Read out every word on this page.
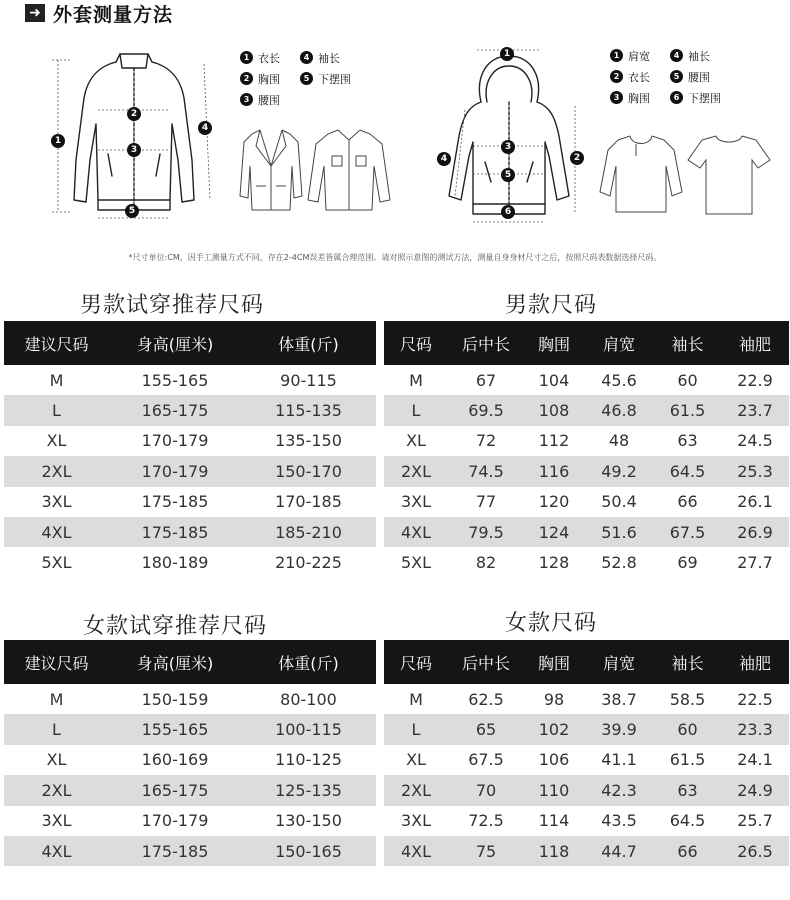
➜ 外套测量方法
1
2
3
4
5
1 衣长	4 袖长
2 胸围	5 下摆围
3 腰围
1
2
3
4
5
6
1 肩宽	4 袖长
2 衣长	5 腰围
3 胸围	6 下摆围
*尺寸单位:CM，因手工测量方式不同，存在2-4CM误差皆属合理范围。请对照示意图的测试方法，测量自身身材尺寸之后，按照尺码表数据选择尺码。
男款试穿推荐尺码
建议尺码	身高(厘米)	体重(斤)
M	155-165	90-115
L	165-175	115-135
XL	170-179	135-150
2XL	170-179	150-170
3XL	175-185	170-185
4XL	175-185	185-210
5XL	180-189	210-225
男款尺码
尺码	后中长	胸围	肩宽	袖长	袖肥
M	67	104	45.6	60	22.9
L	69.5	108	46.8	61.5	23.7
XL	72	112	48	63	24.5
2XL	74.5	116	49.2	64.5	25.3
3XL	77	120	50.4	66	26.1
4XL	79.5	124	51.6	67.5	26.9
5XL	82	128	52.8	69	27.7
女款试穿推荐尺码
建议尺码	身高(厘米)	体重(斤)
M	150-159	80-100
L	155-165	100-115
XL	160-169	110-125
2XL	165-175	125-135
3XL	170-179	130-150
4XL	175-185	150-165
女款尺码
尺码	后中长	胸围	肩宽	袖长	袖肥
M	62.5	98	38.7	58.5	22.5
L	65	102	39.9	60	23.3
XL	67.5	106	41.1	61.5	24.1
2XL	70	110	42.3	63	24.9
3XL	72.5	114	43.5	64.5	25.7
4XL	75	118	44.7	66	26.5
